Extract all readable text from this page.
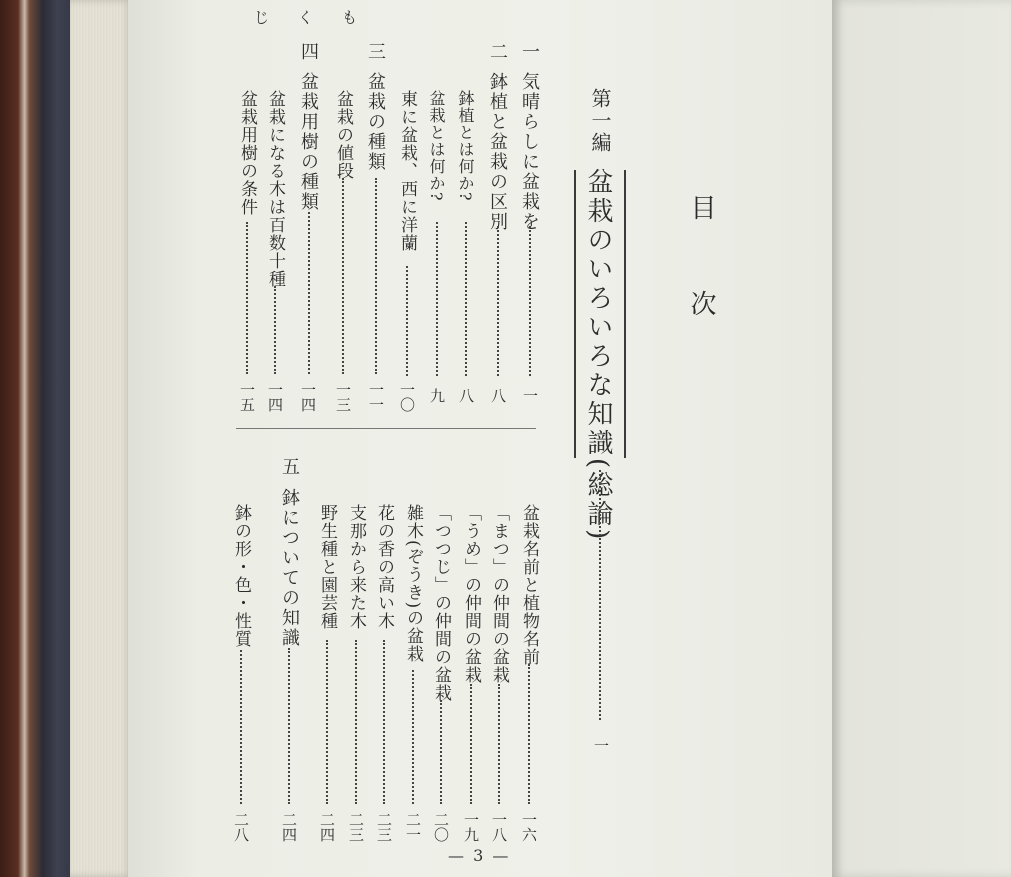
目
次
も
く
じ
第一編
盆栽のいろいろな知識(総論)
一
一
気晴らしに盆栽を
一
二
鉢植と盆栽の区別
八
鉢植とは何か?
八
盆栽とは何か?
九
東に盆栽、西に洋蘭
一〇
三
盆栽の種類
一一
盆栽の値段
一三
四
盆栽用樹の種類
一四
盆栽になる木は百数十種
一四
盆栽用樹の条件
一五
盆栽名前と植物名前
一六
「まつ」の仲間の盆栽
一八
「うめ」の仲間の盆栽
一九
「つつじ」の仲間の盆栽
二〇
雑木(ぞうき)の盆栽
二一
花の香の高い木
二三
支那から来た木
二三
野生種と園芸種
二四
五
鉢についての知識
二四
鉢の形・色・性質
二八
— 3 —
